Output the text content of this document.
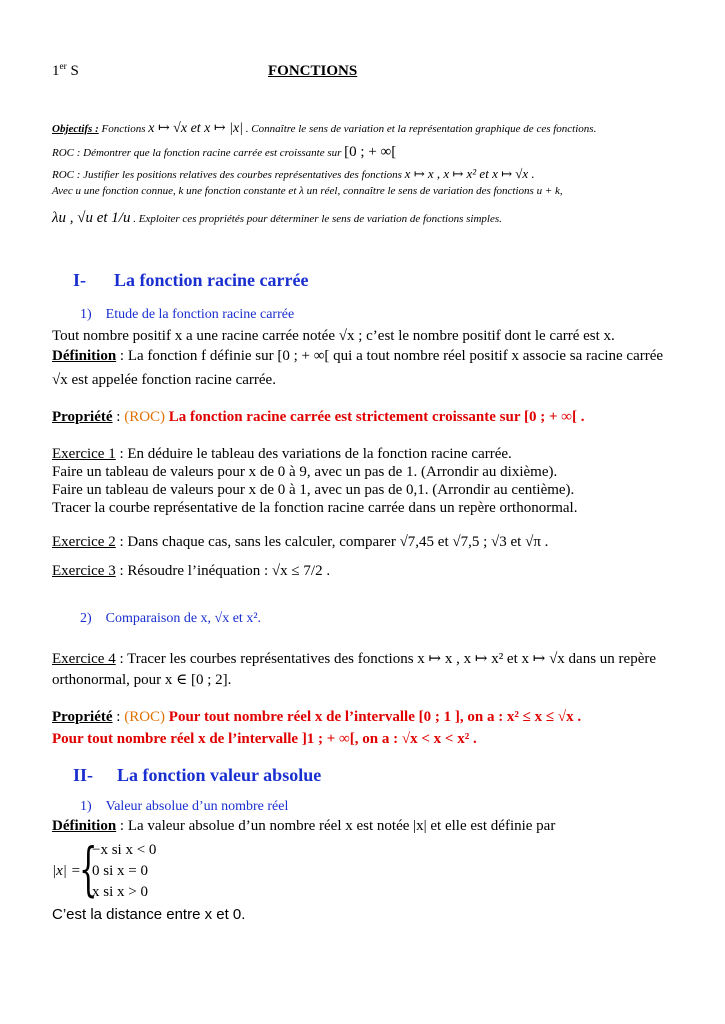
1er S	FONCTIONS
Objectifs : Fonctions x ↦ √x et x ↦ |x| . Connaître le sens de variation et la représentation graphique de ces fonctions.
ROC : Démontrer que la fonction racine carrée est croissante sur [0 ; + ∞[
ROC : Justifier les positions relatives des courbes représentatives des fonctions x ↦ x , x ↦ x² et x ↦ √x .
Avec u une fonction connue, k une fonction constante et λ un réel, connaître le sens de variation des fonctions u + k,
λu , √u et 1/u . Exploiter ces propriétés pour déterminer le sens de variation de fonctions simples.
I- La fonction racine carrée
1) Etude de la fonction racine carrée
Tout nombre positif x a une racine carrée notée √x ; c’est le nombre positif dont le carré est x.
Définition : La fonction f définie sur [0 ; + ∞[ qui a tout nombre réel positif x associe sa racine carrée
√x est appelée fonction racine carrée.
Propriété : (ROC) La fonction racine carrée est strictement croissante sur [0 ; + ∞[ .
Exercice 1 : En déduire le tableau des variations de la fonction racine carrée.
Faire un tableau de valeurs pour x de 0 à 9, avec un pas de 1. (Arrondir au dixième).
Faire un tableau de valeurs pour x de 0 à 1, avec un pas de 0,1. (Arrondir au centième).
Tracer la courbe représentative de la fonction racine carrée dans un repère orthonormal.
Exercice 2 : Dans chaque cas, sans les calculer, comparer √7,45 et √7,5 ; √3 et √π .
Exercice 3 : Résoudre l’inéquation : √x ≤ 7/2 .
2) Comparaison de x, √x et x².
Exercice 4 : Tracer les courbes représentatives des fonctions x ↦ x , x ↦ x² et x ↦ √x dans un repère
orthonormal, pour x ∈ [0 ; 2].
Propriété : (ROC) Pour tout nombre réel x de l’intervalle [0 ; 1 ], on a : x² ≤ x ≤ √x .
Pour tout nombre réel x de l’intervalle ]1 ; + ∞[, on a : √x < x < x² .
II- La fonction valeur absolue
1) Valeur absolue d’un nombre réel
Définition : La valeur absolue d’un nombre réel x est notée |x| et elle est définie par
|x| =
{
−x si x < 0
0 si x = 0
x si x > 0
C’est la distance entre x et 0.
